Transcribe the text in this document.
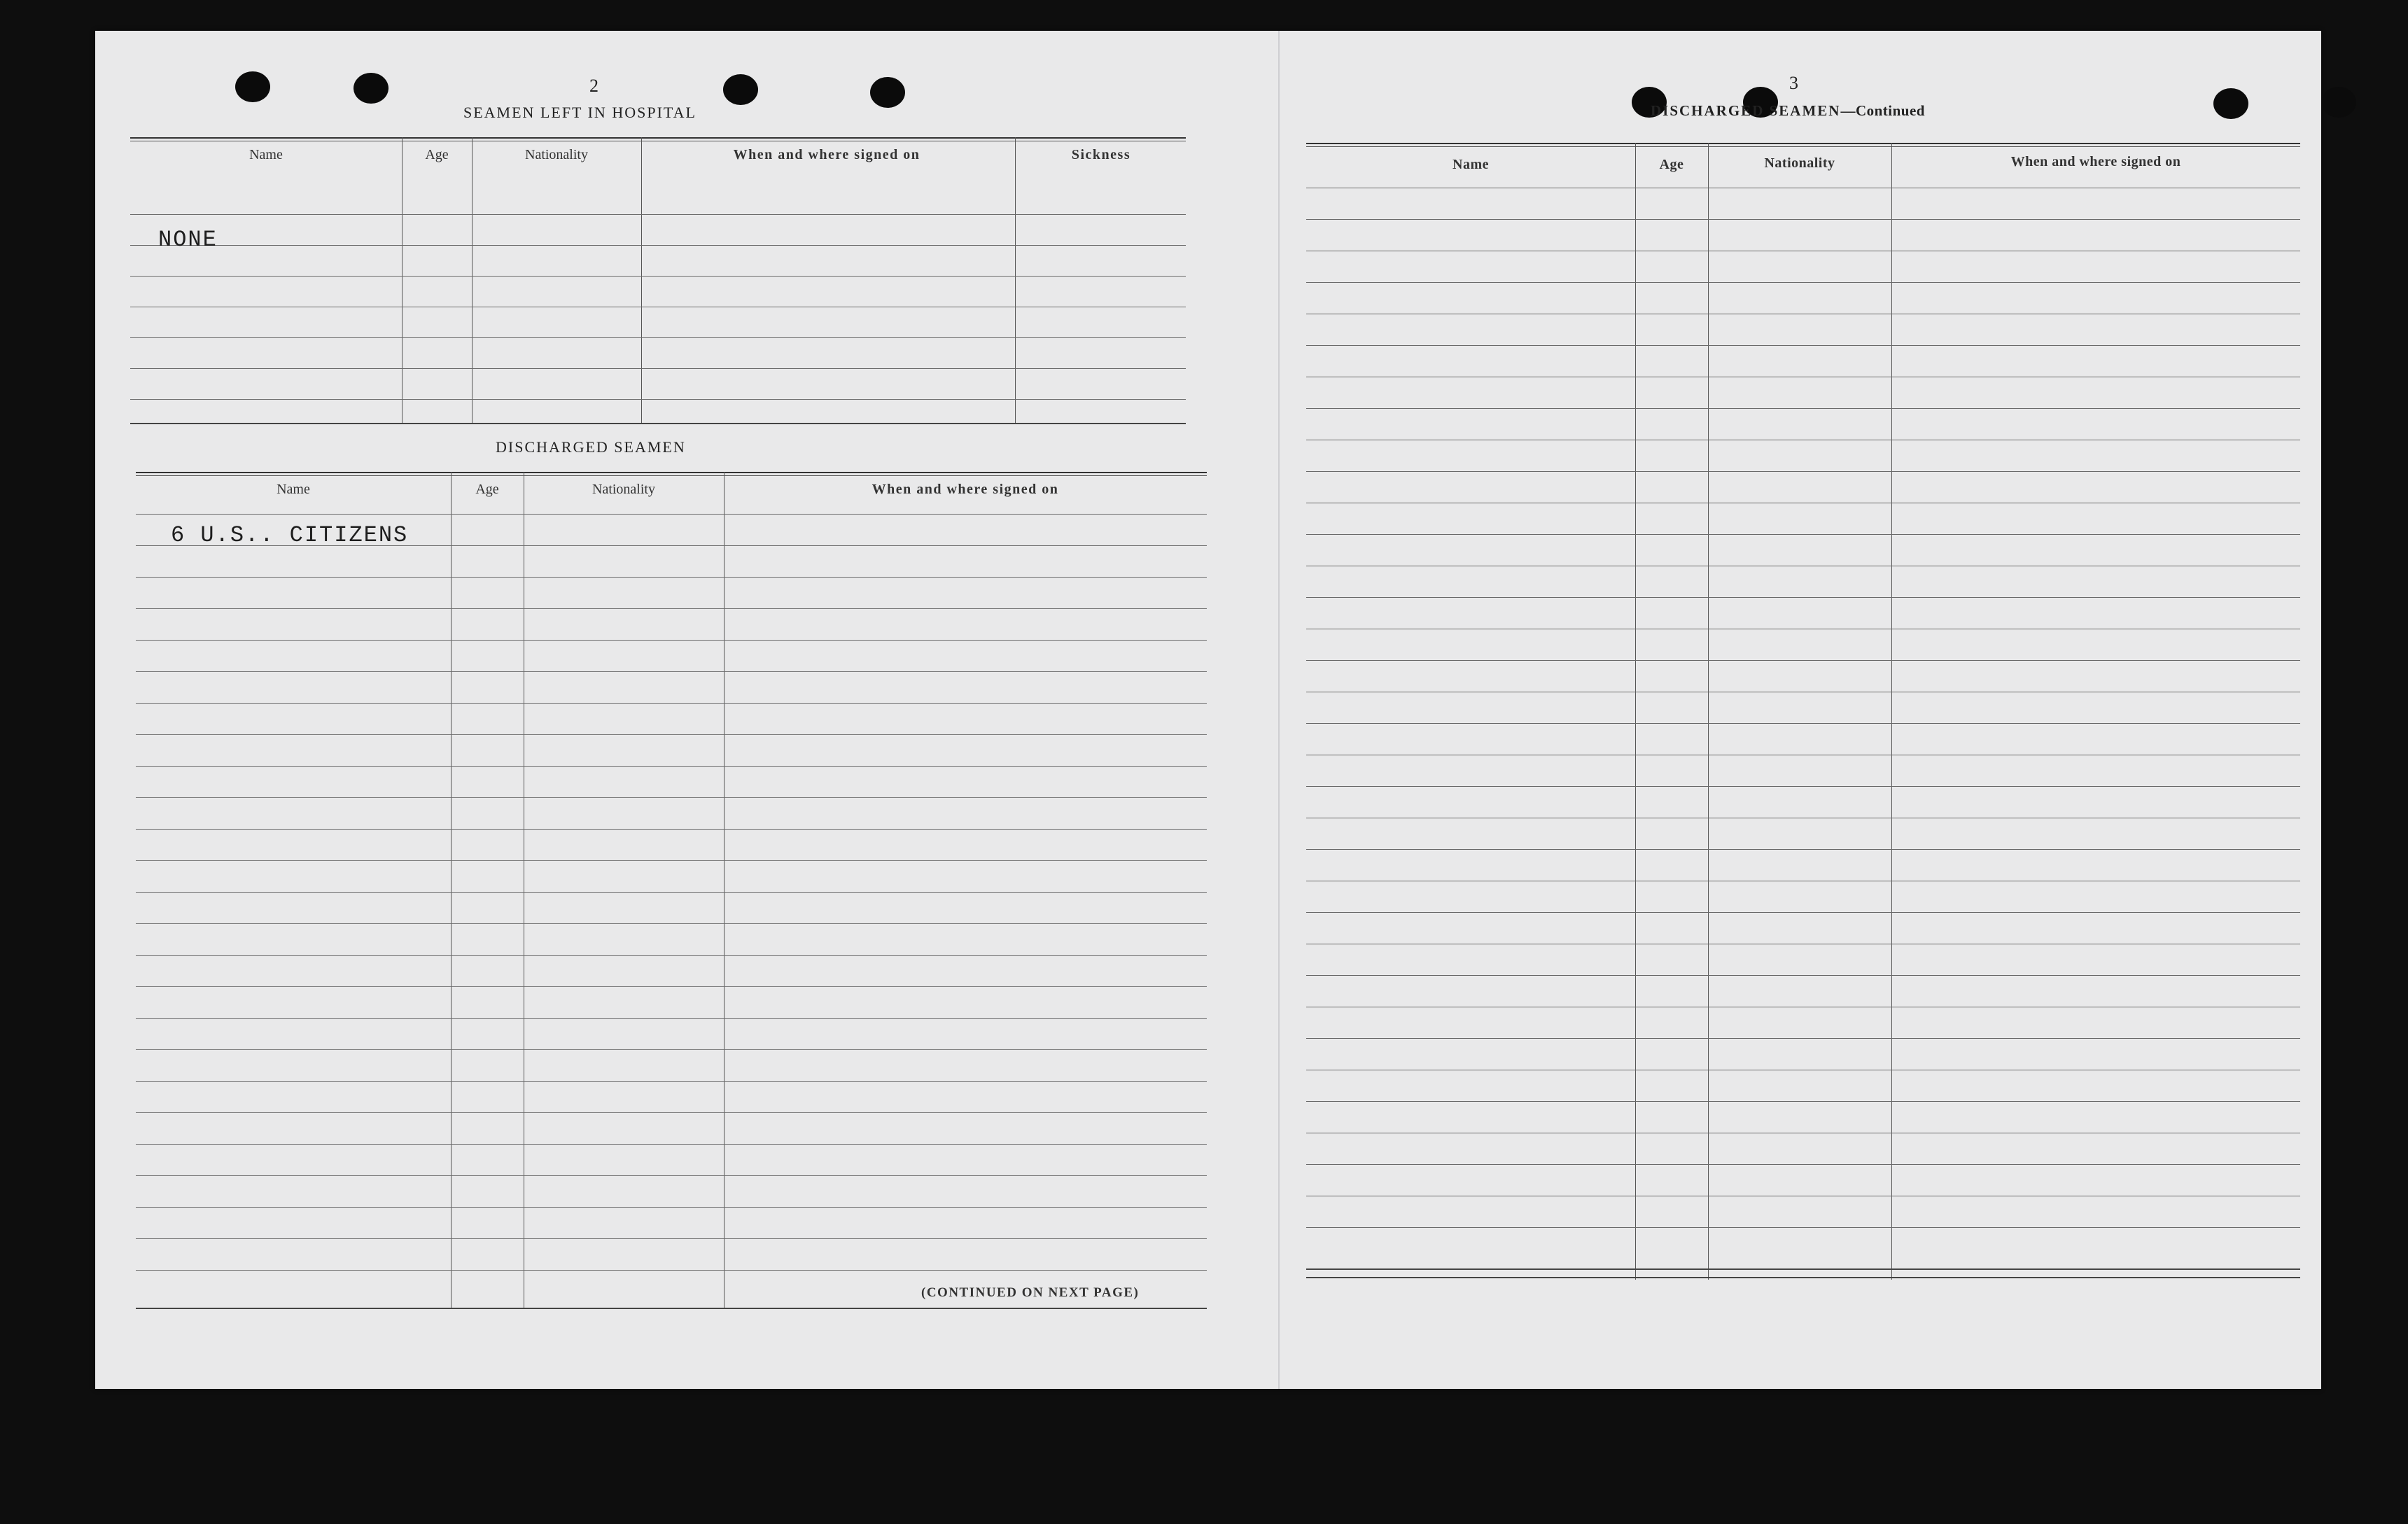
2
SEAMEN LEFT IN HOSPITAL
Name	Age	Nationality	When and where signed on	Sickness
NONE
DISCHARGED SEAMEN
Name	Age	Nationality	When and where signed on
6 U.S.. CITIZENS
(CONTINUED ON NEXT PAGE)
3
DISCHARGED SEAMEN—Continued
Name	Age	Nationality	When and where signed on
